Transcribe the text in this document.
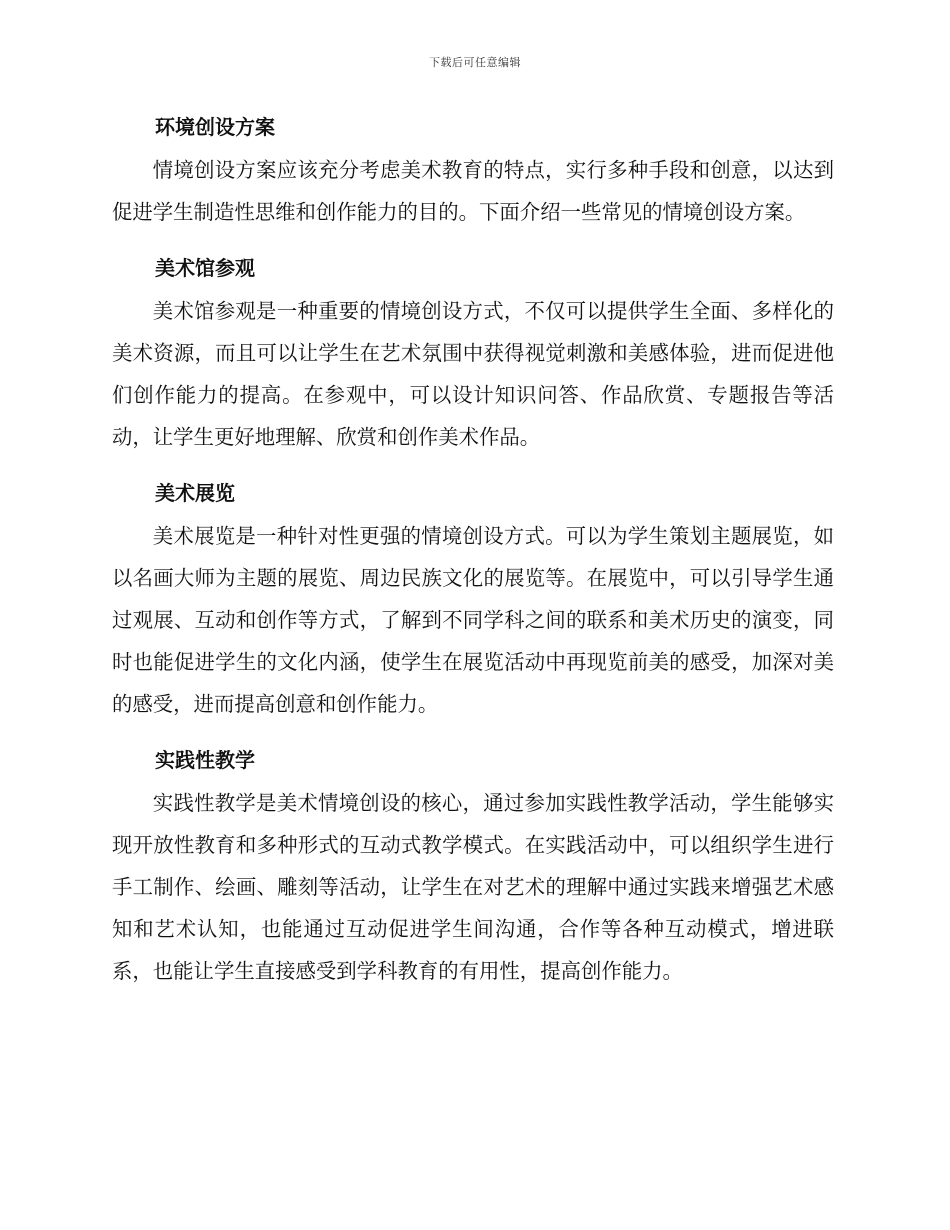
下载后可任意编辑
环境创设方案

情境创设方案应该充分考虑美术教育的特点，实行多种手段和创意，以达到促进学生制造性思维和创作能力的目的。下面介绍一些常见的情境创设方案。

美术馆参观

美术馆参观是一种重要的情境创设方式，不仅可以提供学生全面、多样化的美术资源，而且可以让学生在艺术氛围中获得视觉刺激和美感体验，进而促进他们创作能力的提高。在参观中，可以设计知识问答、作品欣赏、专题报告等活动，让学生更好地理解、欣赏和创作美术作品。

美术展览

美术展览是一种针对性更强的情境创设方式。可以为学生策划主题展览，如以名画大师为主题的展览、周边民族文化的展览等。在展览中，可以引导学生通过观展、互动和创作等方式，了解到不同学科之间的联系和美术历史的演变，同时也能促进学生的文化内涵，使学生在展览活动中再现览前美的感受，加深对美的感受，进而提高创意和创作能力。

实践性教学

实践性教学是美术情境创设的核心，通过参加实践性教学活动，学生能够实现开放性教育和多种形式的互动式教学模式。在实践活动中，可以组织学生进行手工制作、绘画、雕刻等活动，让学生在对艺术的理解中通过实践来增强艺术感知和艺术认知，也能通过互动促进学生间沟通，合作等各种互动模式，增进联系，也能让学生直接感受到学科教育的有用性，提高创作能力。
